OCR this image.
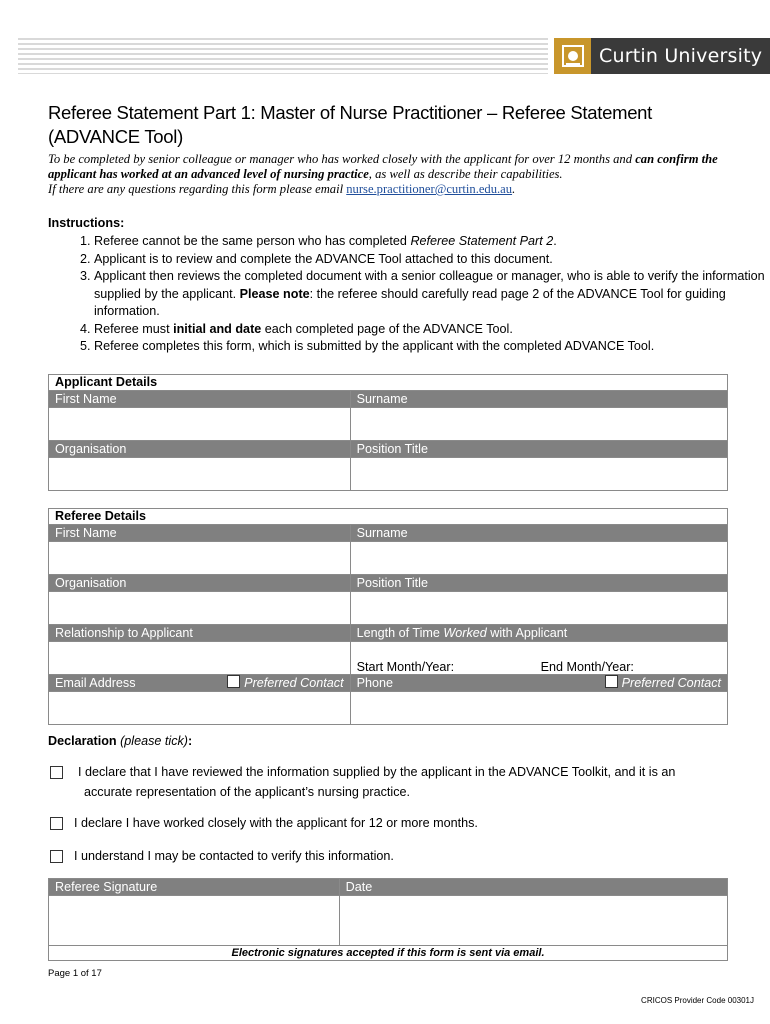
Curtin University
Referee Statement Part 1: Master of Nurse Practitioner – Referee Statement (ADVANCE Tool)
To be completed by senior colleague or manager who has worked closely with the applicant for over 12 months and can confirm the applicant has worked at an advanced level of nursing practice, as well as describe their capabilities.
If there are any questions regarding this form please email nurse.practitioner@curtin.edu.au.
Instructions:
1. Referee cannot be the same person who has completed Referee Statement Part 2.
2. Applicant is to review and complete the ADVANCE Tool attached to this document.
3. Applicant then reviews the completed document with a senior colleague or manager, who is able to verify the information supplied by the applicant. Please note: the referee should carefully read page 2 of the ADVANCE Tool for guiding information.
4. Referee must initial and date each completed page of the ADVANCE Tool.
5. Referee completes this form, which is submitted by the applicant with the completed ADVANCE Tool.
Applicant Details	
First Name	Surname

Organisation	Position Title

Referee Details	
First Name	Surname

Organisation	Position Title

Relationship to Applicant	Length of Time Worked with Applicant

	Start Month/Year: End Month/Year:

Email Address Preferred Contact	Phone Preferred Contact

Declaration (please tick):
I declare that I have reviewed the information supplied by the applicant in the ADVANCE Toolkit, and it is an
accurate representation of the applicant’s nursing practice.
I declare I have worked closely with the applicant for 12 or more months.
I understand I may be contacted to verify this information.
Referee Signature	Date

Electronic signatures accepted if this form is sent via email.	
Page 1 of 17
CRICOS Provider Code 00301J
